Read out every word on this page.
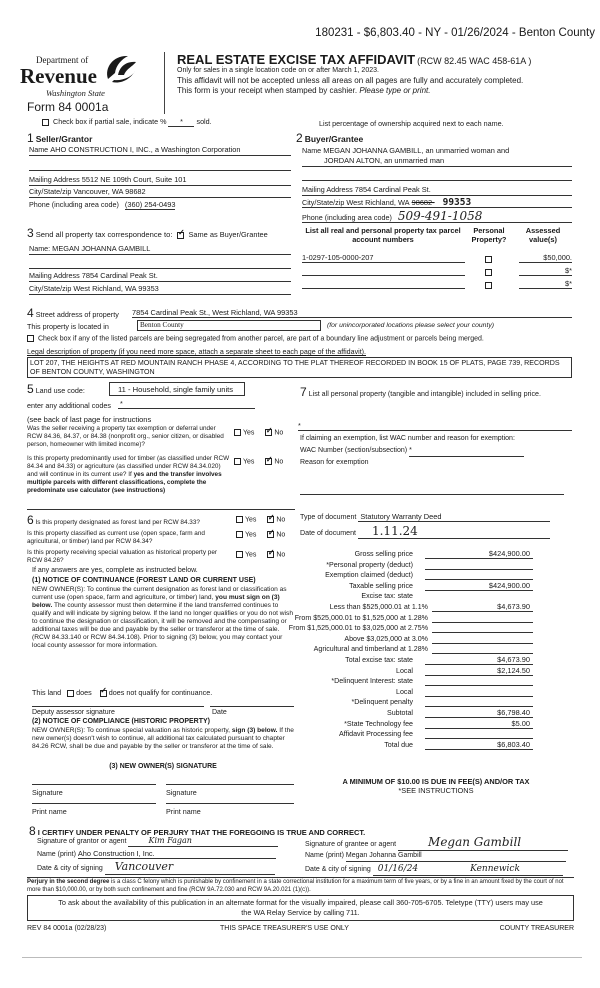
180231 - $6,803.40 - NY - 01/26/2024 - Benton County
Department of
Revenue
Washington State
Form 84 0001a
REAL ESTATE EXCISE TAX AFFIDAVIT (RCW 82.45 WAC 458-61A )
Only for sales in a single location code on or after March 1, 2023.
This affidavit will not be accepted unless all areas on all pages are fully and accurately completed.
This form is your receipt when stamped by cashier. Please type or print.
Check box if partial sale, indicate % * sold.	List percentage of ownership acquired next to each name.
1 Seller/Grantor
Name AHO CONSTRUCTION I, INC., a Washington Corporation
Mailing Address 5512 NE 109th Court, Suite 101
City/State/zip Vancouver, WA 98682
Phone (including area code) (360) 254-0493
2 Buyer/Grantee
Name MEGAN JOHANNA GAMBILL, an unmarried woman and
JORDAN ALTON, an unmarried man
Mailing Address 7854 Cardinal Peak St.
City/State/zip West Richland, WA 98682- 99353
Phone (including area code) 509-491-1058
3 Send all property tax correspondence to: ✓ Same as Buyer/Grantee
Name: MEGAN JOHANNA GAMBILL
Mailing Address 7854 Cardinal Peak St.
City/State/zip West Richland, WA 99353
List all real and personal property tax parcel account numbers
Personal Property?
Assessed value(s)
1-0297-105-0000-207	$50,000.
$*
$*
4 Street address of property 7854 Cardinal Peak St., West Richland, WA 99353
This property is located in	Benton County	(for unincorporated locations please select your county)
Check box if any of the listed parcels are being segregated from another parcel, are part of a boundary line adjustment or parcels being merged.
Legal description of property (if you need more space, attach a separate sheet to each page of the affidavit).
LOT 207, THE HEIGHTS AT RED MOUNTAIN RANCH PHASE 4, ACCORDING TO THE PLAT THEREOF RECORDED IN BOOK 15 OF PLATS, PAGE 739, RECORDS OF BENTON COUNTY, WASHINGTON
5 Land use code:	11 - Household, single family units
enter any additional codes *
(see back of last page for instructions
Was the seller receiving a property tax exemption or deferral under RCW 84.36, 84.37, or 84.38 (nonprofit org., senior citizen, or disabled person, homeowner with limited income)?
Yes ✓	No
Is this property predominantly used for timber (as classified under RCW 84.34 and 84.33) or agriculture (as classified under RCW 84.34.020) and will continue in its current use? If yes and the transfer involves multiple parcels with different classifications, complete the predominate use calculator (see instructions)
Yes ✓	No
6 Is this property designated as forest land per RCW 84.33?	Yes ✓	No
Is this property classified as current use (open space, farm and agricultural, or timber) land per RCW 84.34?
Yes ✓	No
Is this property receiving special valuation as historical property per RCW 84.26?
Yes ✓	No
If any answers are yes, complete as instructed below.
(1) NOTICE OF CONTINUANCE (FOREST LAND OR CURRENT USE)
NEW OWNER(S): To continue the current designation as forest land or classification as current use (open space, farm and agriculture, or timber) land, you must sign on (3) below. The county assessor must then determine if the land transferred continues to qualify and will indicate by signing below. If the land no longer qualifies or you do not wish to continue the designation or classification, it will be removed and the compensating or additional taxes will be due and payable by the seller or transferor at the time of sale. (RCW 84.33.140 or RCW 84.34.108). Prior to signing (3) below, you may contact your local county assessor for more information.
This land does ✓ does not qualify for continuance.
Deputy assessor signature	Date
(2) NOTICE OF COMPLIANCE (HISTORIC PROPERTY)
NEW OWNER(S): To continue special valuation as historic property, sign (3) below. If the new owner(s) doesn't wish to continue, all additional tax calculated pursuant to chapter 84.26 RCW, shall be due and payable by the seller or transferor at the time of sale.
(3) NEW OWNER(S) SIGNATURE
Signature	Signature
Print name	Print name
7 List all personal property (tangible and intangible) included in selling price.
*
If claiming an exemption, list WAC number and reason for exemption:
WAC Number (section/subsection) *
Reason for exemption
Type of document Statutory Warranty Deed
Date of document 1.11.24
Gross selling price	$424,900.00
*Personal property (deduct)
Exemption claimed (deduct)
Taxable selling price	$424,900.00
Excise tax: state
Less than $525,000.01 at 1.1%	$4,673.90
From $525,000.01 to $1,525,000 at 1.28%
From $1,525,000.01 to $3,025,000 at 2.75%
Above $3,025,000 at 3.0%
Agricultural and timberland at 1.28%
Total excise tax: state	$4,673.90
Local	$2,124.50
*Delinquent Interest: state
Local
*Delinquent penalty
Subtotal	$6,798.40
*State Technology fee	$5.00
Affidavit Processing fee
Total due	$6,803.40
A MINIMUM OF $10.00 IS DUE IN FEE(S) AND/OR TAX
*SEE INSTRUCTIONS
8 I CERTIFY UNDER PENALTY OF PERJURY THAT THE FOREGOING IS TRUE AND CORRECT.
Signature of grantor or agent	Kim Fagan
Name (print) Aho Construction I, Inc.
Date & city of signing Vancouver
Signature of grantee or agent	Megan Gambill
Name (print) Megan Johanna Gambill
Date & city of signing 01/16/24	Kennewick
Perjury in the second degree is a class C felony which is punishable by confinement in a state correctional institution for a maximum term of five years, or by a fine in an amount fixed by the court of not more than $10,000.00, or by both such confinement and fine (RCW 9A.72.030 and RCW 9A.20.021 (1)(c)).
To ask about the availability of this publication in an alternate format for the visually impaired, please call 360-705-6705. Teletype (TTY) users may use the WA Relay Service by calling 711.
REV 84 0001a (02/28/23)	THIS SPACE TREASURER'S USE ONLY	COUNTY TREASURER
